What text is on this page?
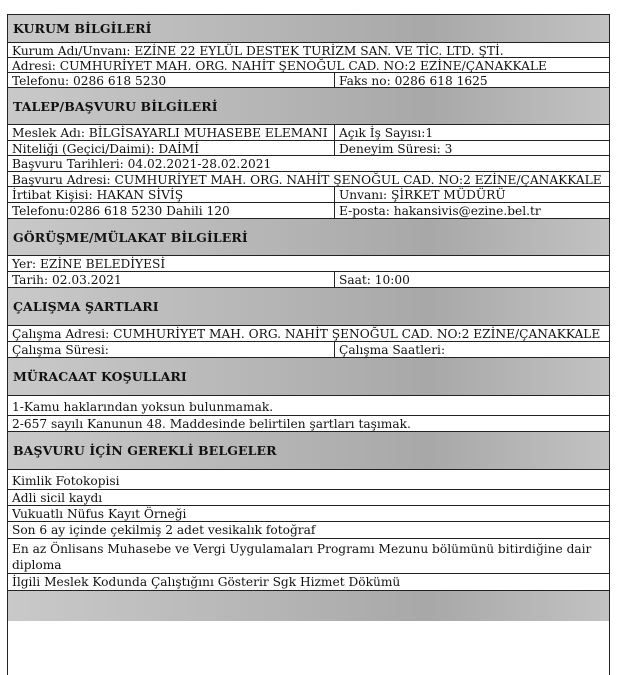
KURUM BİLGİLERİ
Kurum Adı/Unvanı: EZİNE 22 EYLÜL DESTEK TURİZM SAN. VE TİC. LTD. ŞTİ.
Adresi: CUMHURİYET MAH. ORG. NAHİT ŞENOĞUL CAD. NO:2 EZİNE/ÇANAKKALE
Telefonu: 0286 618 5230	Faks no: 0286 618 1625
TALEP/BAŞVURU BİLGİLERİ
Meslek Adı: BİLGİSAYARLI MUHASEBE ELEMANI Açık İş Sayısı:1
Niteliği (Geçici/Daimi): DAİMİ	Deneyim Süresi: 3
Başvuru Tarihleri: 04.02.2021-28.02.2021
Başvuru Adresi: CUMHURİYET MAH. ORG. NAHİT ŞENOĞUL CAD. NO:2 EZİNE/ÇANAKKALE
İrtibat Kişisi: HAKAN SİVİŞ	Unvanı: ŞİRKET MÜDÜRÜ
Telefonu:0286 618 5230 Dahili 120	E-posta: hakansivis@ezine.bel.tr
GÖRÜŞME/MÜLAKAT BİLGİLERİ
Yer: EZİNE BELEDİYESİ
Tarih: 02.03.2021	Saat: 10:00
ÇALIŞMA ŞARTLARI
Çalışma Adresi: CUMHURİYET MAH. ORG. NAHİT ŞENOĞUL CAD. NO:2 EZİNE/ÇANAKKALE
Çalışma Süresi:	Çalışma Saatleri:
MÜRACAAT KOŞULLARI
1-Kamu haklarından yoksun bulunmamak.
2-657 sayılı Kanunun 48. Maddesinde belirtilen şartları taşımak.
BAŞVURU İÇİN GEREKLİ BELGELER
Kimlik Fotokopisi
Adli sicil kaydı
Vukuatlı Nüfus Kayıt Örneği
Son 6 ay içinde çekilmiş 2 adet vesikalık fotoğraf
En az Önlisans Muhasebe ve Vergi Uygulamaları Programı Mezunu bölümünü bitirdiğine dair diploma
İlgili Meslek Kodunda Çalıştığını Gösterir Sgk Hizmet Dökümü
